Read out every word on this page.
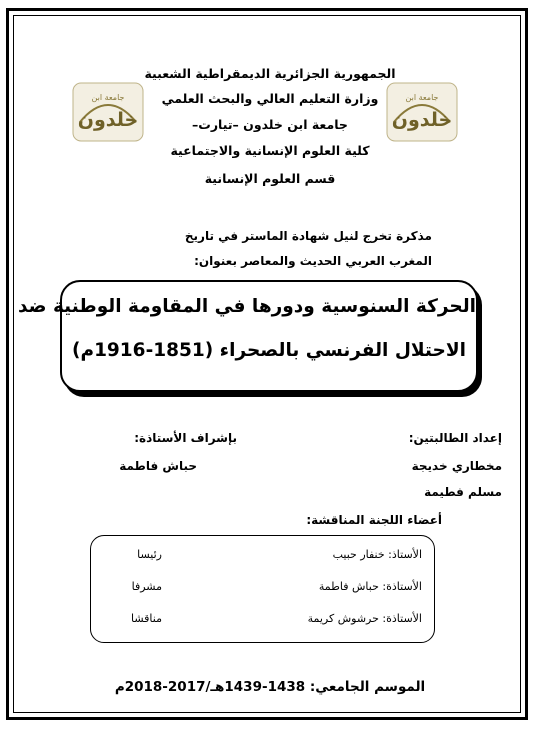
جامعة ابن
خلدون
جامعة ابن
خلدون
الجمهورية الجزائرية الديمقراطية الشعبية
وزارة التعليم العالي والبحث العلمي
جامعة ابن خلدون –تيارت–
كلية العلوم الإنسانية والاجتماعية
قسم العلوم الإنسانية
مذكرة تخرج لنيل شهادة الماستر في تاريخ
المغرب العربي الحديث والمعاصر بعنوان:
الحركة السنوسية ودورها في المقاومة الوطنية ضد
الاحتلال الفرنسي بالصحراء (1851-1916م)
إعداد الطالبتين:
بإشراف الأستاذة:
مخطاري خديجة
حباش فاطمة
مسلم فطيمة
أعضاء اللجنة المناقشة:
الأستاذ: خنفار حبيب
رئيسا
الأستاذة: حباش فاطمة
مشرفا
الأستاذة: حرشوش كريمة
مناقشا
الموسم الجامعي: 1438-1439هـ/2017-2018م
